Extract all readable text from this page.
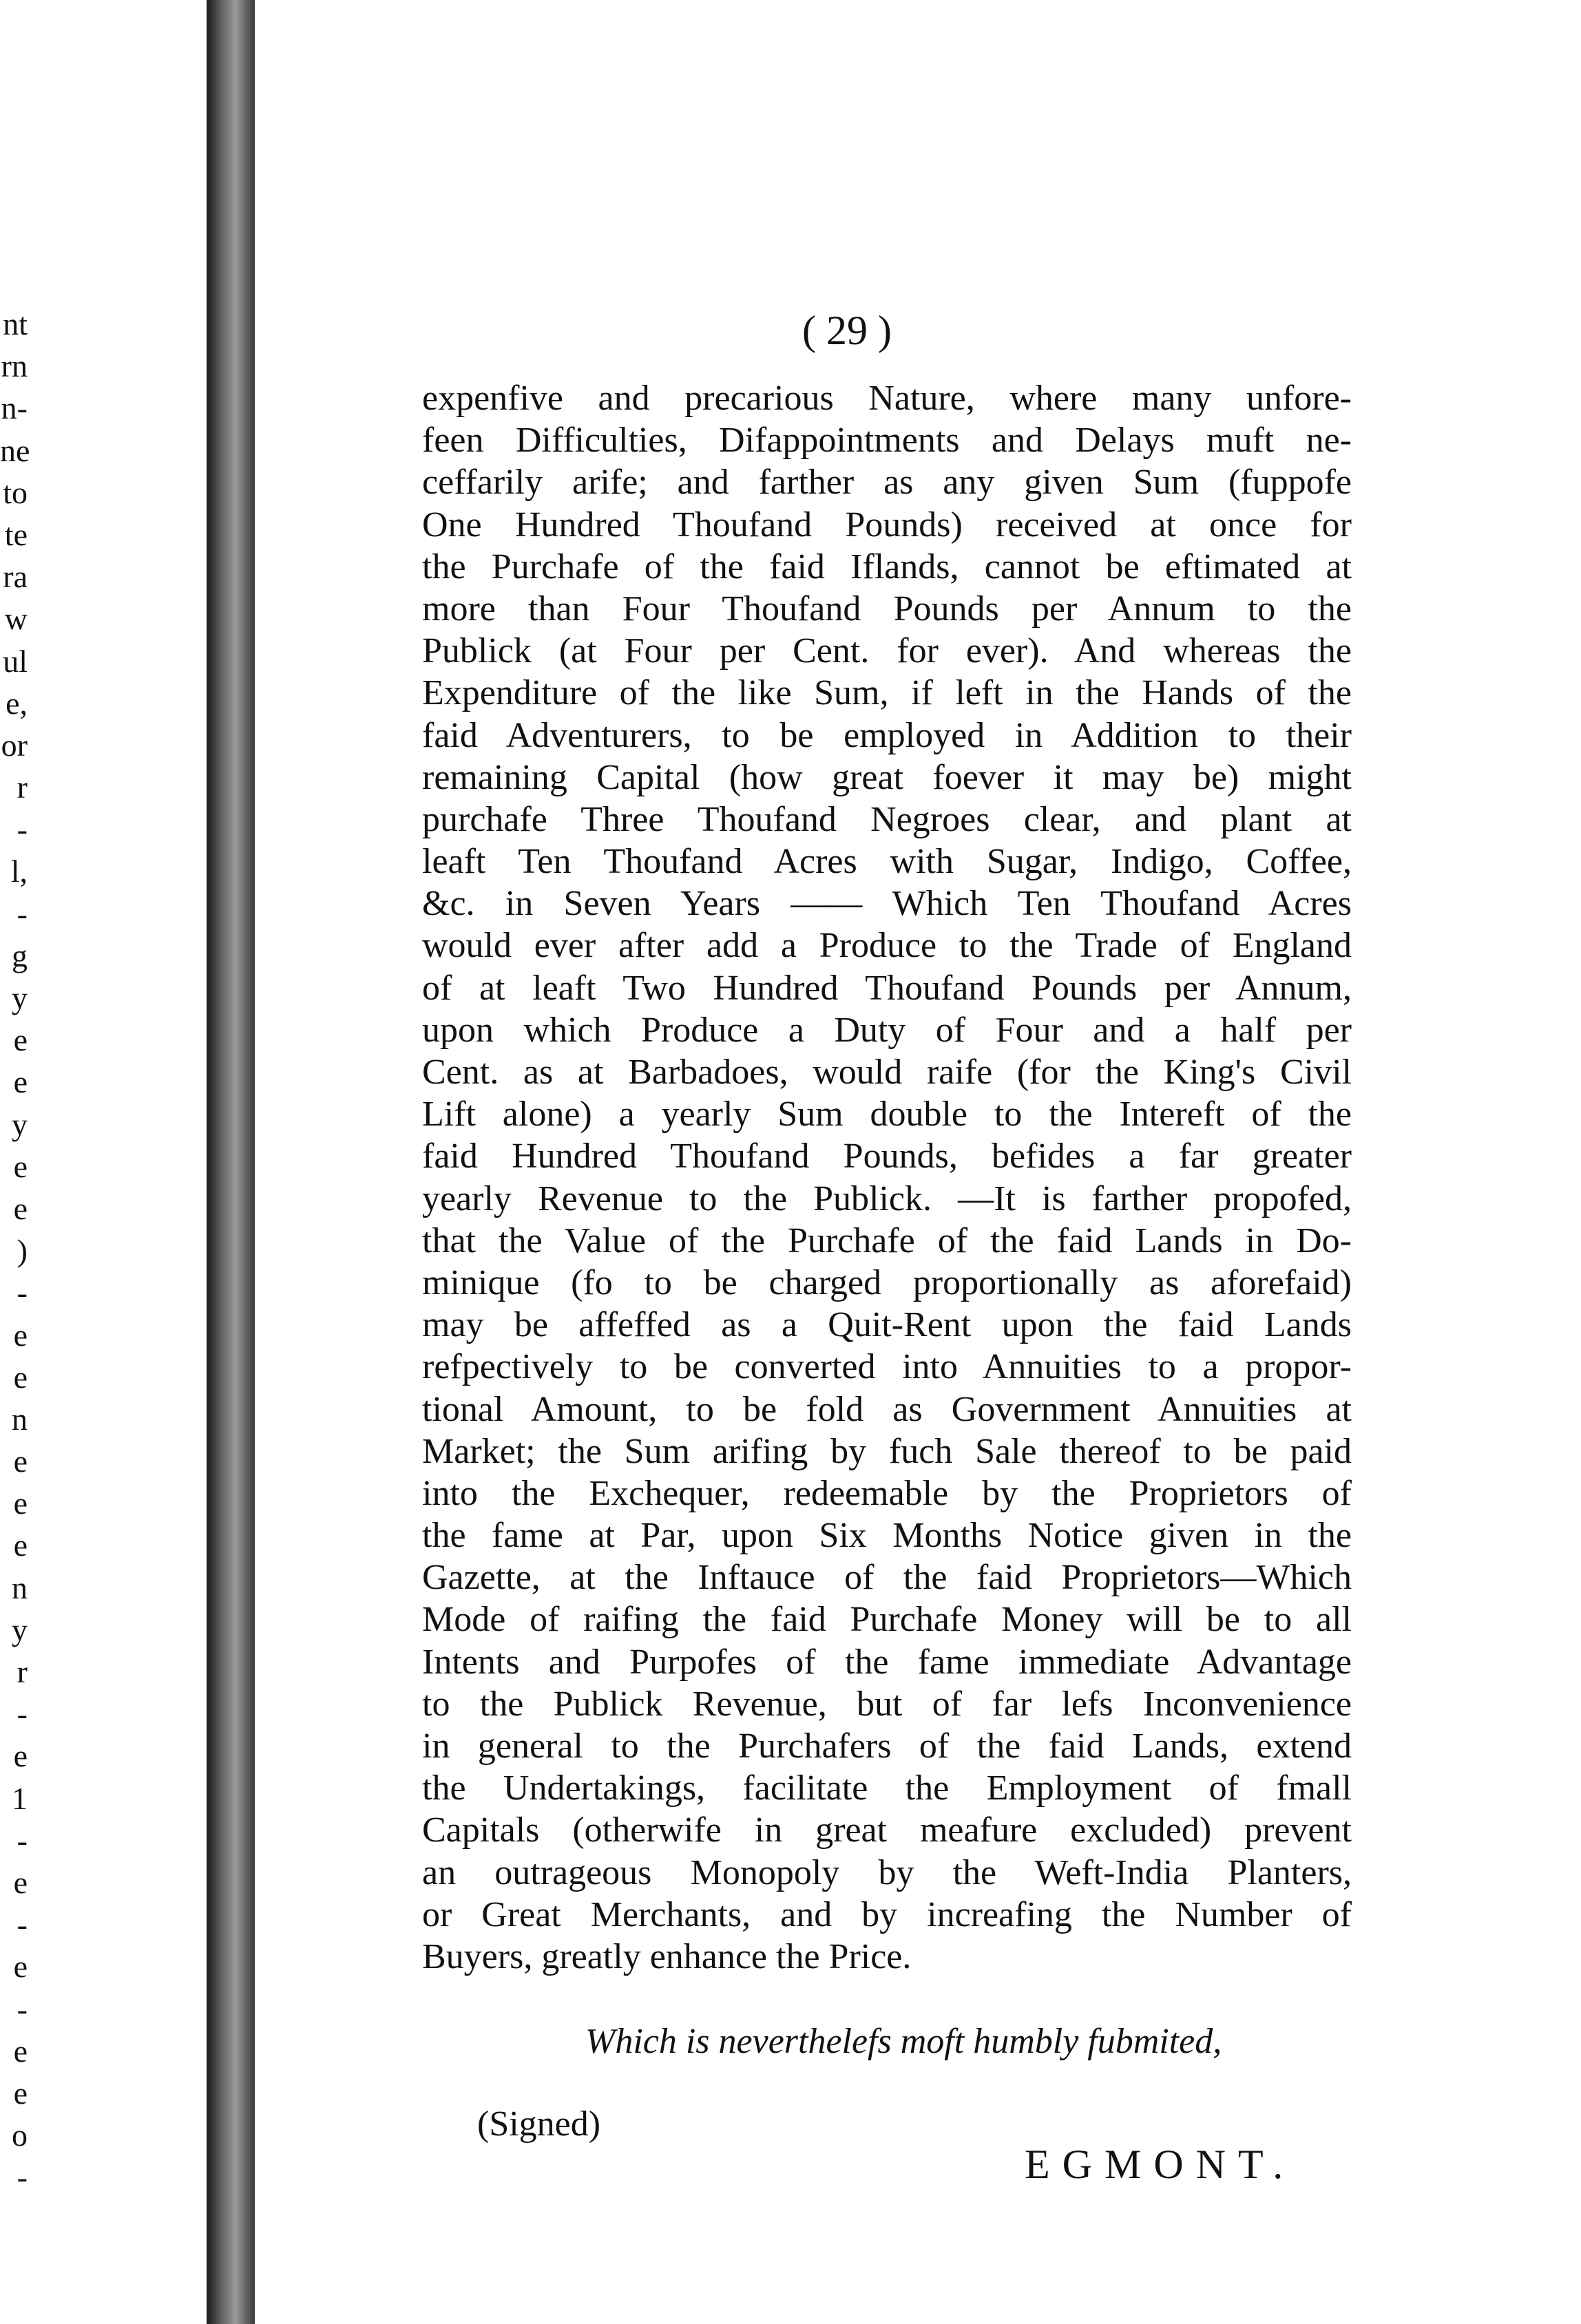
nt
rn
n-
ne
to
te
ra
w
ul
e,
or
r
-
l,
-
g
y
e
e
y
e
e
)
-
e
e
n
e
e
e
n
y
r
-
e
1
-
e
-
e
-
e
e
o
-
( 29 )
expenfive and precarious Nature, where many unfore-
feen Difficulties, Difappointments and Delays muft ne-
ceffarily arife; and farther as any given Sum (fuppofe
One Hundred Thoufand Pounds) received at once for
the Purchafe of the faid Iflands, cannot be eftimated at
more than Four Thoufand Pounds per Annum to the
Publick (at Four per Cent. for ever). And whereas the
Expenditure of the like Sum, if left in the Hands of the
faid Adventurers, to be employed in Addition to their
remaining Capital (how great foever it may be) might
purchafe Three Thoufand Negroes clear, and plant at
leaft Ten Thoufand Acres with Sugar, Indigo, Coffee,
&c. in Seven Years —— Which Ten Thoufand Acres
would ever after add a Produce to the Trade of England
of at leaft Two Hundred Thoufand Pounds per Annum,
upon which Produce a Duty of Four and a half per
Cent. as at Barbadoes, would raife (for the King's Civil
Lift alone) a yearly Sum double to the Intereft of the
faid Hundred Thoufand Pounds, befides a far greater
yearly Revenue to the Publick. —It is farther propofed,
that the Value of the Purchafe of the faid Lands in Do-
minique (fo to be charged proportionally as aforefaid)
may be affeffed as a Quit-Rent upon the faid Lands
refpectively to be converted into Annuities to a propor-
tional Amount, to be fold as Government Annuities at
Market; the Sum arifing by fuch Sale thereof to be paid
into the Exchequer, redeemable by the Proprietors of
the fame at Par, upon Six Months Notice given in the
Gazette, at the Inftauce of the faid Proprietors—Which
Mode of raifing the faid Purchafe Money will be to all
Intents and Purpofes of the fame immediate Advantage
to the Publick Revenue, but of far lefs Inconvenience
in general to the Purchafers of the faid Lands, extend
the Undertakings, facilitate the Employment of fmall
Capitals (otherwife in great meafure excluded) prevent
an outrageous Monopoly by the Weft-India Planters,
or Great Merchants, and by increafing the Number of
Buyers, greatly enhance the Price.
Which is neverthelefs moft humbly fubmited,
(Signed)
EGMONT.
